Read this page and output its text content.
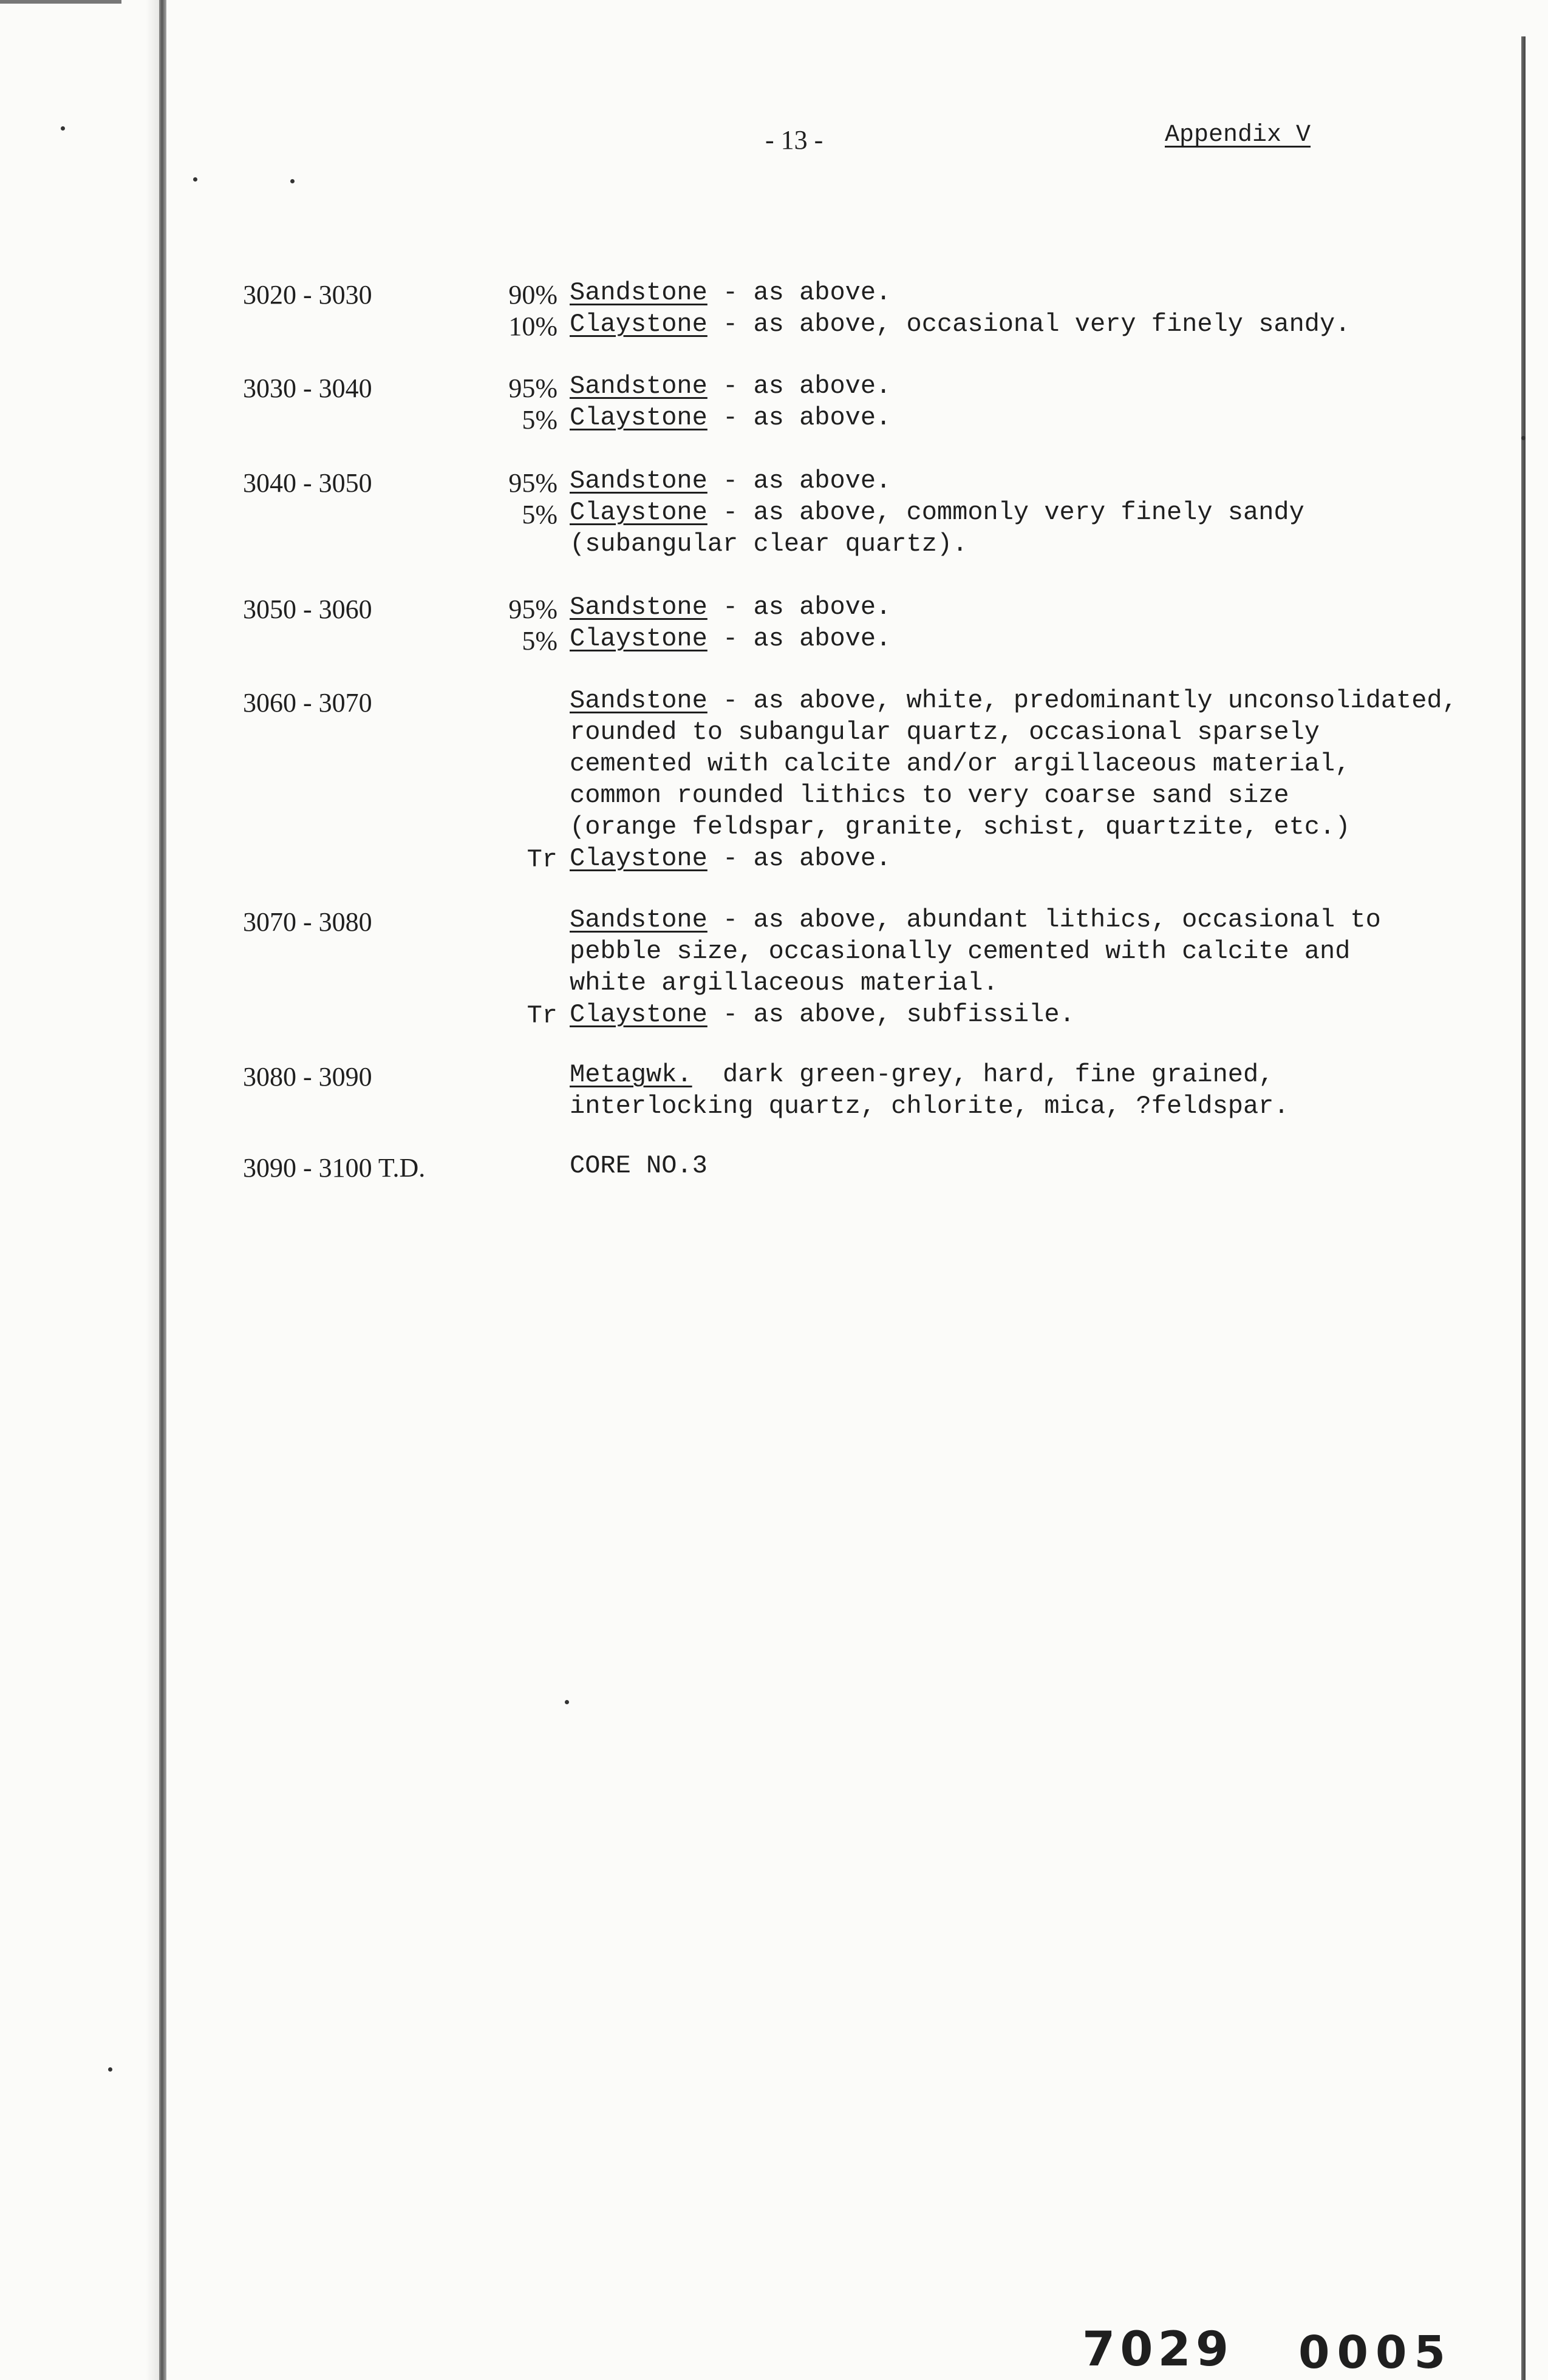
- 13 -	Appendix V
3020 - 3030	90% Sandstone - as above.
10% Claystone - as above, occasional very finely sandy.
3030 - 3040	95% Sandstone - as above.
5% Claystone - as above.
3040 - 3050	95% Sandstone - as above.
5% Claystone - as above, commonly very finely sandy
(subangular clear quartz).
3050 - 3060	95% Sandstone - as above.
5% Claystone - as above.
3060 - 3070	Sandstone - as above, white, predominantly unconsolidated,
rounded to subangular quartz, occasional sparsely
cemented with calcite and/or argillaceous material,
common rounded lithics to very coarse sand size
(orange feldspar, granite, schist, quartzite, etc.)
Tr Claystone - as above.
3070 - 3080	Sandstone - as above, abundant lithics, occasional to
pebble size, occasionally cemented with calcite and
white argillaceous material.
Tr Claystone - as above, subfissile.
3080 - 3090	Metagwk.  dark green-grey, hard, fine grained,
interlocking quartz, chlorite, mica, ?feldspar.
3090 - 3100 T.D.	CORE NO.3
7029 0005
